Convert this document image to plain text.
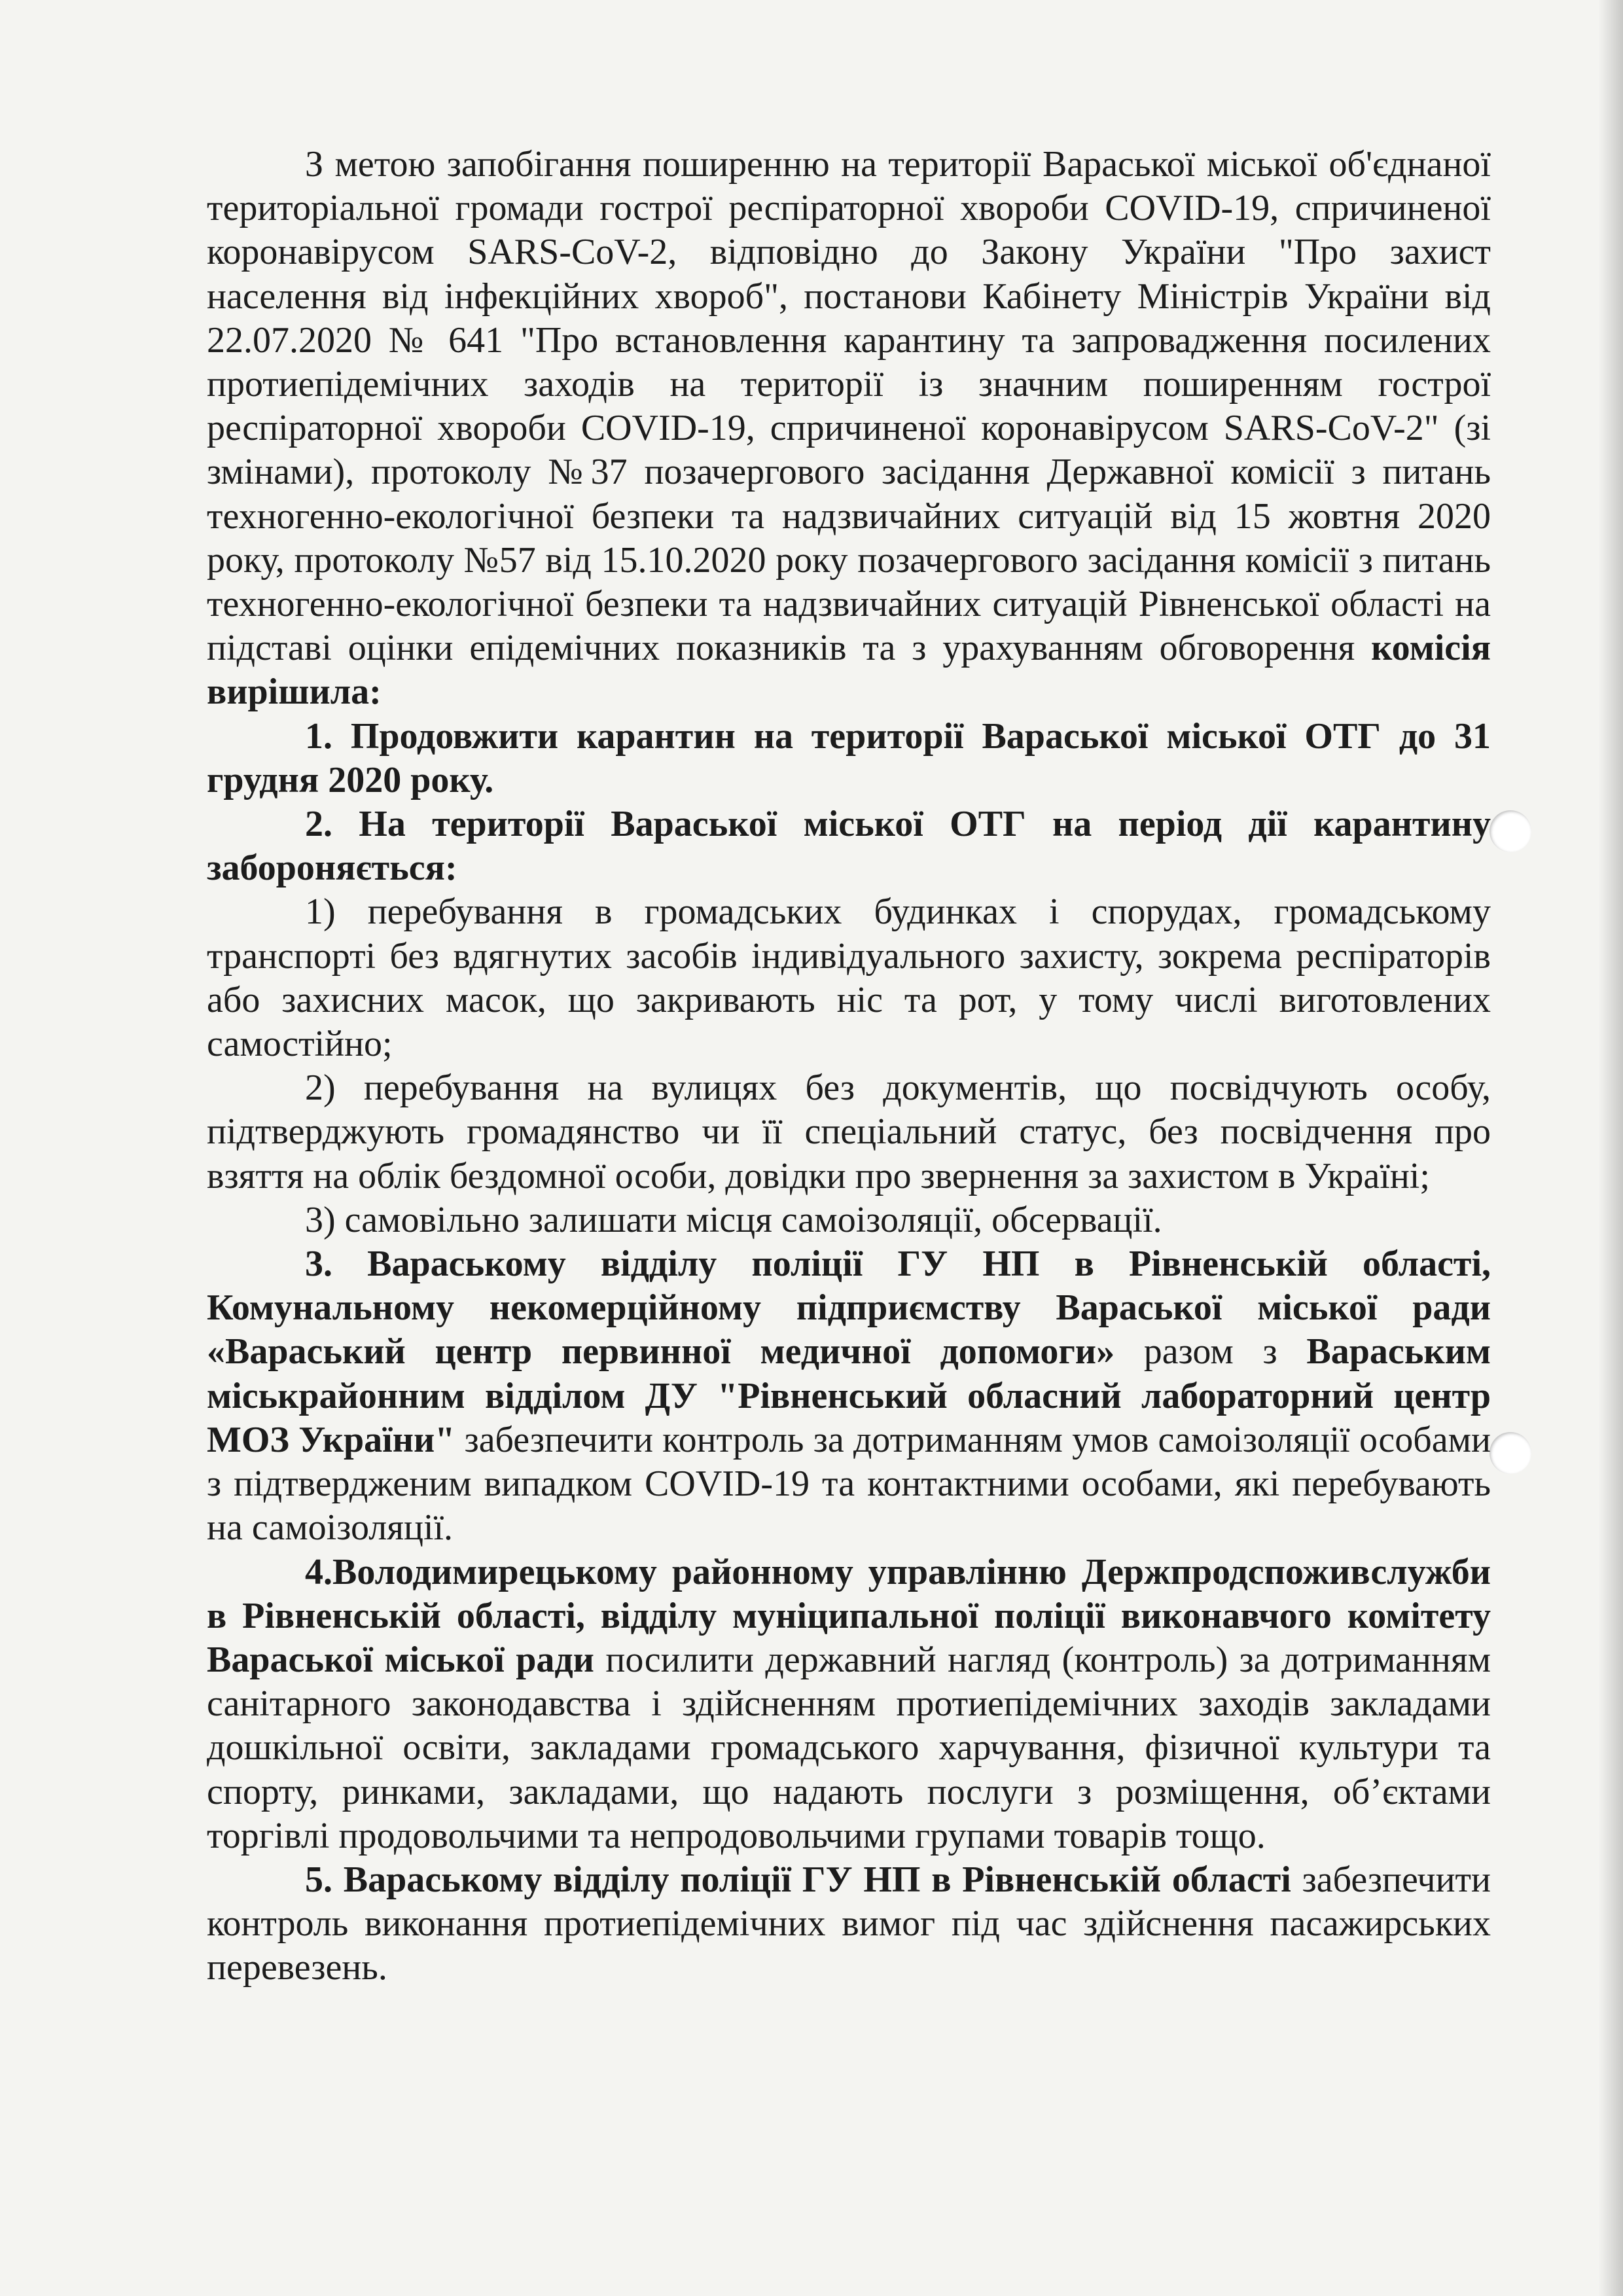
З метою запобігання поширенню на території Вараської міської об'єднаної територіальної громади гострої респіраторної хвороби COVID-19, спричиненої коронавірусом SARS-CoV-2, відповідно до Закону України "Про захист населення від інфекційних хвороб", постанови Кабінету Міністрів України від 22.07.2020 № 641 "Про встановлення карантину та запровадження посилених протиепідемічних заходів на території із значним поширенням гострої респіраторної хвороби COVID-19, спричиненої коронавірусом SARS-CoV-2" (зі змінами), протоколу №37 позачергового засідання Державної комісії з питань техногенно-екологічної безпеки та надзвичайних ситуацій від 15 жовтня 2020 року, протоколу №57 від 15.10.2020 року позачергового засідання комісії з питань техногенно-екологічної безпеки та надзвичайних ситуацій Рівненської області на підставі оцінки епідемічних показників та з урахуванням обговорення комісія вирішила:

1. Продовжити карантин на території Вараської міської ОТГ до 31 грудня 2020 року.

2. На території Вараської міської ОТГ на період дії карантину забороняється:

1) перебування в громадських будинках і спорудах, громадському транспорті без вдягнутих засобів індивідуального захисту, зокрема респіраторів або захисних масок, що закривають ніс та рот, у тому числі виготовлених самостійно;

2) перебування на вулицях без документів, що посвідчують особу, підтверджують громадянство чи її спеціальний статус, без посвідчення про взяття на облік бездомної особи, довідки про звернення за захистом в Україні;

3) самовільно залишати місця самоізоляції, обсервації.

3. Вараському відділу поліції ГУ НП в Рівненській області, Комунальному некомерційному підприємству Вараської міської ради «Вараський центр первинної медичної допомоги» разом з Вараським міськрайонним відділом ДУ "Рівненський обласний лабораторний центр МОЗ України" забезпечити контроль за дотриманням умов самоізоляції особами з підтвердженим випадком COVID-19 та контактними особами, які перебувають на самоізоляції.

4.Володимирецькому районному управлінню Держпродспоживслужби в Рівненській області, відділу муніципальної поліції виконавчого комітету Вараської міської ради посилити державний нагляд (контроль) за дотриманням санітарного законодавства і здійсненням протиепідемічних заходів закладами дошкільної освіти, закладами громадського харчування, фізичної культури та спорту, ринками, закладами, що надають послуги з розміщення, об’єктами торгівлі продовольчими та непродовольчими групами товарів тощо.

5. Вараському відділу поліції ГУ НП в Рівненській області забезпечити контроль виконання протиепідемічних вимог під час здійснення пасажирських перевезень.
